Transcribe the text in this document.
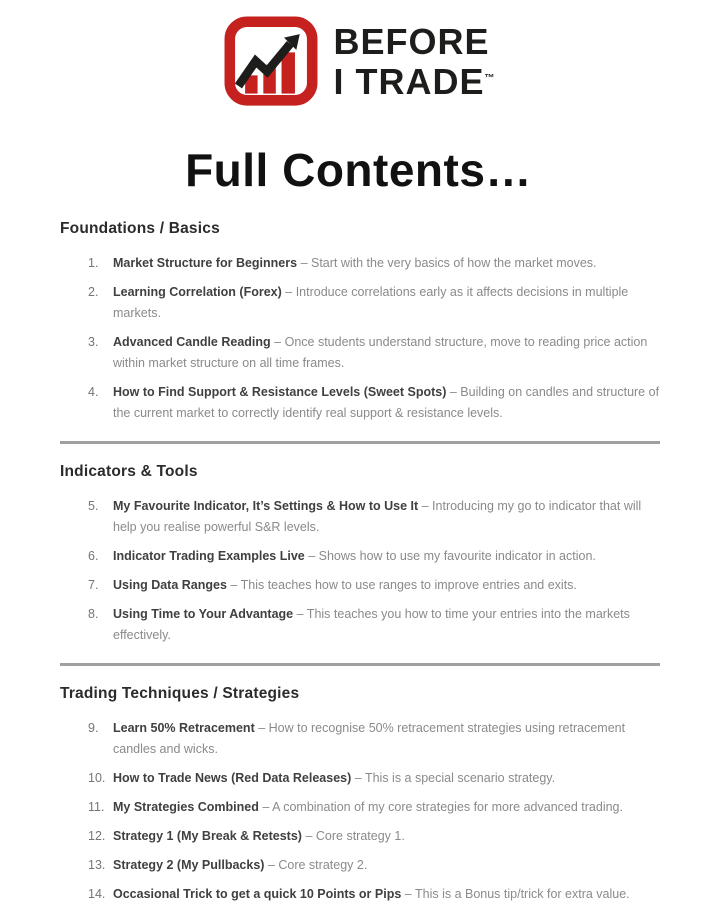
BEFORE
I TRADE™
Full Contents…
Foundations / Basics
1.	Market Structure for Beginners – Start with the very basics of how the market moves.

2.	Learning Correlation (Forex) – Introduce correlations early as it affects decisions in multiple markets.

3.	Advanced Candle Reading – Once students understand structure, move to reading price action within market structure on all time frames.

4.	How to Find Support & Resistance Levels (Sweet Spots) – Building on candles and structure of the current market to correctly identify real support & resistance levels.

Indicators & Tools
5.	My Favourite Indicator, It’s Settings & How to Use It – Introducing my go to indicator that will help you realise powerful S&R levels.

6.	Indicator Trading Examples Live – Shows how to use my favourite indicator in action.

7.	Using Data Ranges – This teaches how to use ranges to improve entries and exits.

8.	Using Time to Your Advantage – This teaches you how to time your entries into the markets effectively.

Trading Techniques / Strategies
9.	Learn 50% Retracement – How to recognise 50% retracement strategies using retracement candles and wicks.

10. How to Trade News (Red Data Releases) – This is a special scenario strategy.

11. My Strategies Combined – A combination of my core strategies for more advanced trading.

12. Strategy 1 (My Break & Retests) – Core strategy 1.

13. Strategy 2 (My Pullbacks) – Core strategy 2.

14. Occasional Trick to get a quick 10 Points or Pips – This is a Bonus tip/trick for extra value.
